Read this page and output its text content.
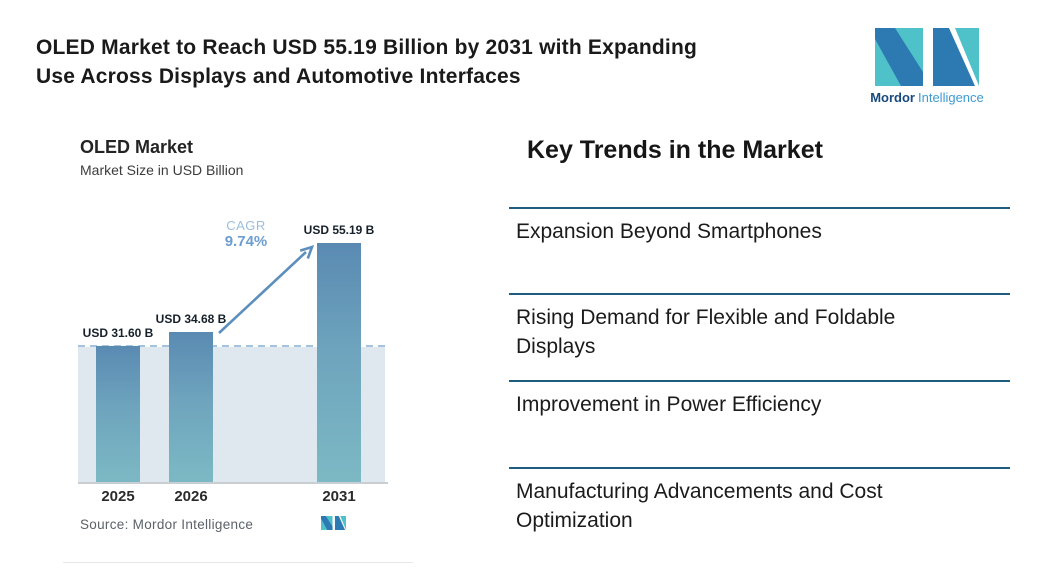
OLED Market to Reach USD 55.19 Billion by 2031 with Expanding
Use Across Displays and Automotive Interfaces
Mordor Intelligence
OLED Market
Market Size in USD Billion
USD 31.60 B
USD 34.68 B
USD 55.19 B
CAGR
9.74%
2025	2026	2031
Source: Mordor Intelligence
Key Trends in the Market
Expansion Beyond Smartphones
Rising Demand for Flexible and Foldable Displays
Improvement in Power Efficiency
Manufacturing Advancements and Cost Optimization
